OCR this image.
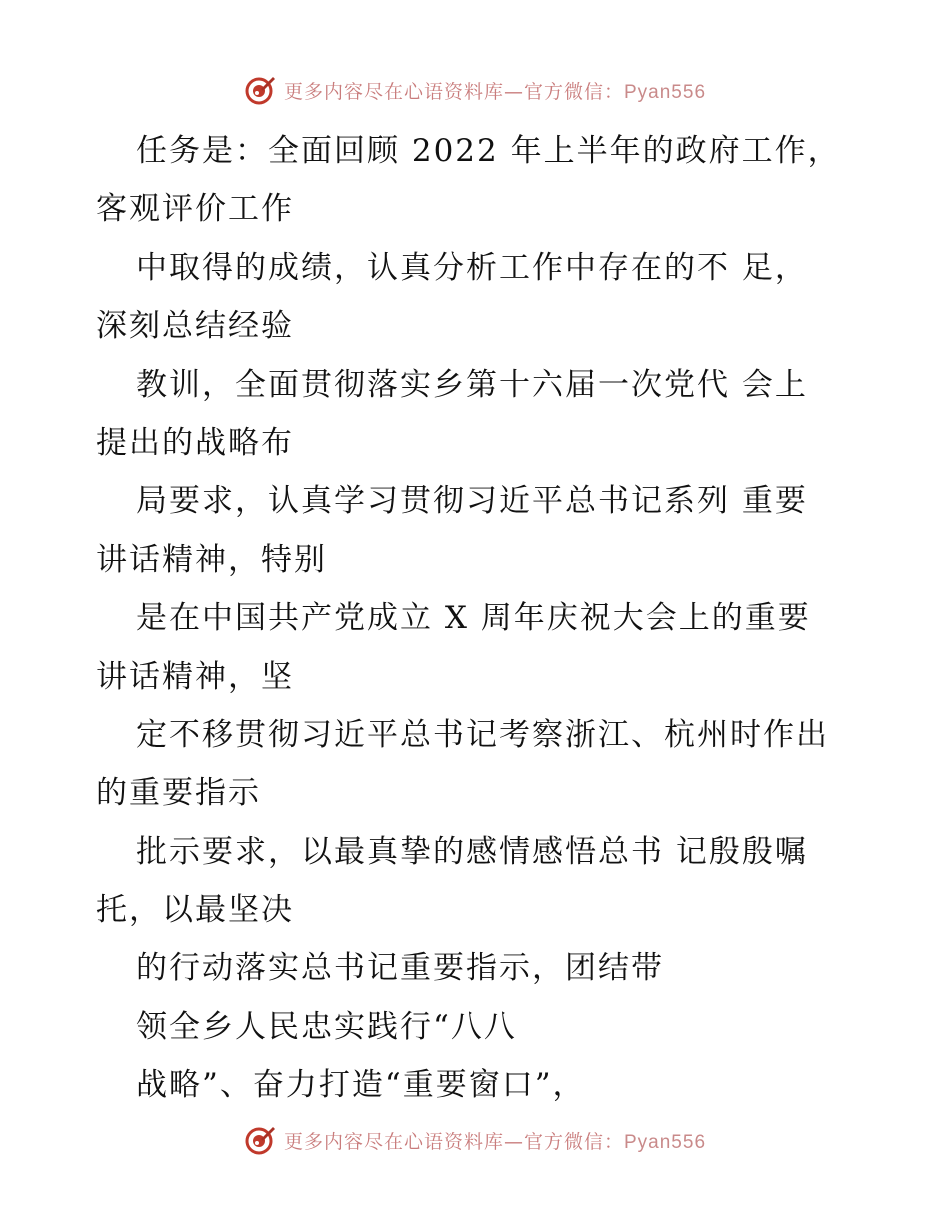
更多内容尽在心语资料库—官方微信：Pyan556
任务是：全面回顾 2022 年上半年的政府工作，
客观评价工作
中取得的成绩，认真分析工作中存在的不 足，
深刻总结经验
教训，全面贯彻落实乡第十六届一次党代 会上
提出的战略布
局要求，认真学习贯彻习近平总书记系列 重要
讲话精神，特别
是在中国共产党成立 X 周年庆祝大会上的重要
讲话精神，坚
定不移贯彻习近平总书记考察浙江、杭州时作出
的重要指示
批示要求，以最真挚的感情感悟总书 记殷殷嘱
托，以最坚决
的行动落实总书记重要指示，团结带
领全乡人民忠实践行“八八
战略”、奋力打造“重要窗口”，
更多内容尽在心语资料库—官方微信：Pyan556
